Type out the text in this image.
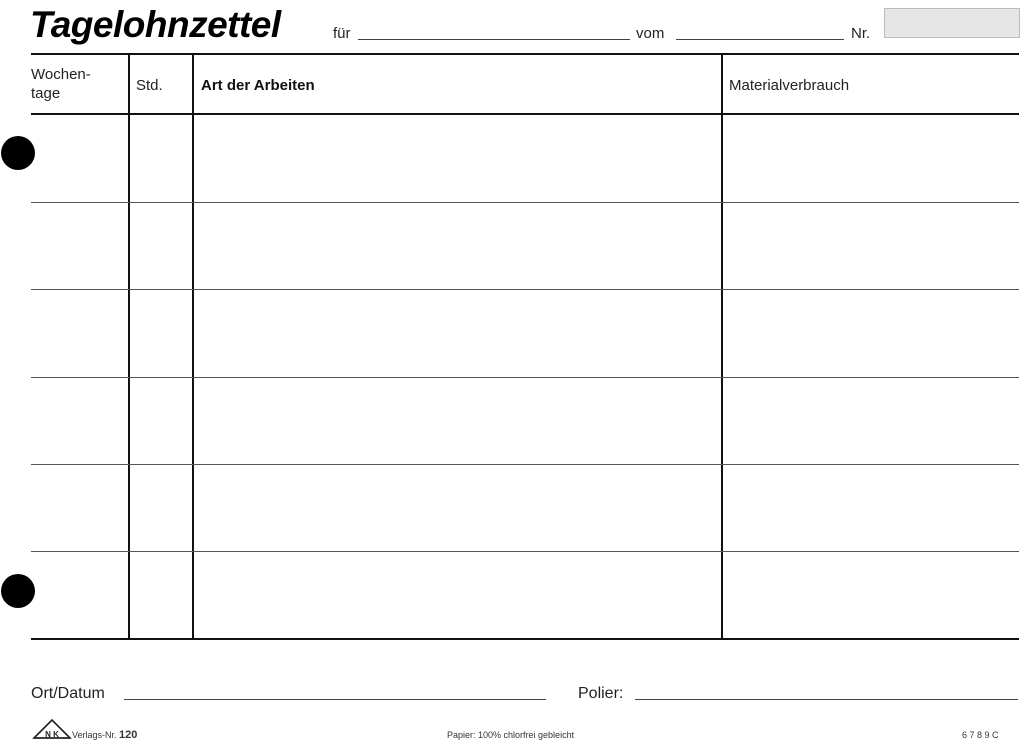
Tagelohnzettel	für	vom	Nr.
Wochen-
tage	Std.	Art der Arbeiten	Materialverbrauch
Ort/Datum	Polier:
N K Verlags-Nr. 120	Papier: 100% chlorfrei gebleicht	6 7 8 9 C
